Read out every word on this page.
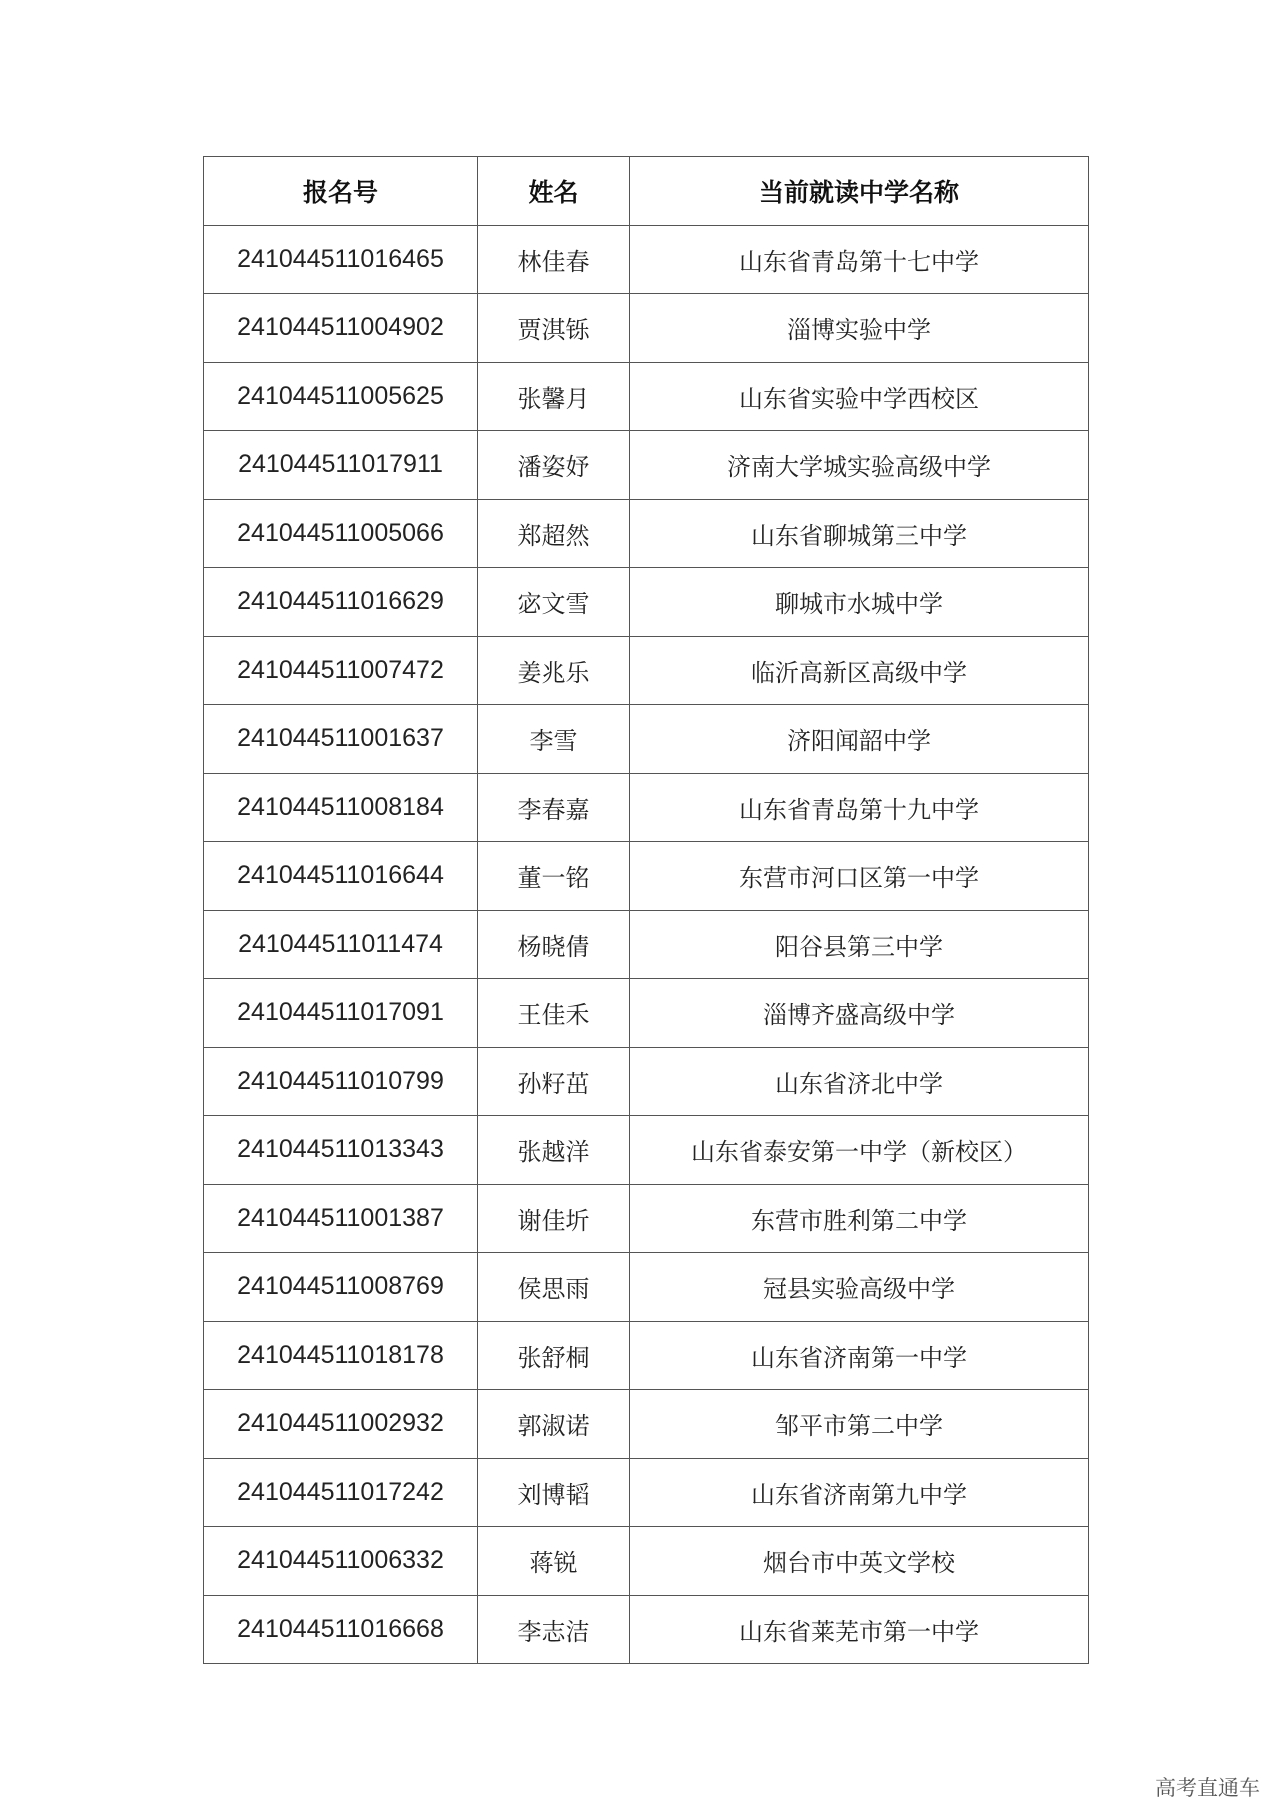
报名号	姓名	当前就读中学名称
241044511016465	林佳春	山东省青岛第十七中学
241044511004902	贾淇铄	淄博实验中学
241044511005625	张馨月	山东省实验中学西校区
241044511017911	潘姿妤	济南大学城实验高级中学
241044511005066	郑超然	山东省聊城第三中学
241044511016629	宓文雪	聊城市水城中学
241044511007472	姜兆乐	临沂高新区高级中学
241044511001637	李雪	济阳闻韶中学
241044511008184	李春嘉	山东省青岛第十九中学
241044511016644	董一铭	东营市河口区第一中学
241044511011474	杨晓倩	阳谷县第三中学
241044511017091	王佳禾	淄博齐盛高级中学
241044511010799	孙籽茁	山东省济北中学
241044511013343	张越洋	山东省泰安第一中学（新校区）
241044511001387	谢佳圻	东营市胜利第二中学
241044511008769	侯思雨	冠县实验高级中学
241044511018178	张舒桐	山东省济南第一中学
241044511002932	郭淑诺	邹平市第二中学
241044511017242	刘博韬	山东省济南第九中学
241044511006332	蒋锐	烟台市中英文学校
241044511016668	李志洁	山东省莱芜市第一中学
高考直通车
